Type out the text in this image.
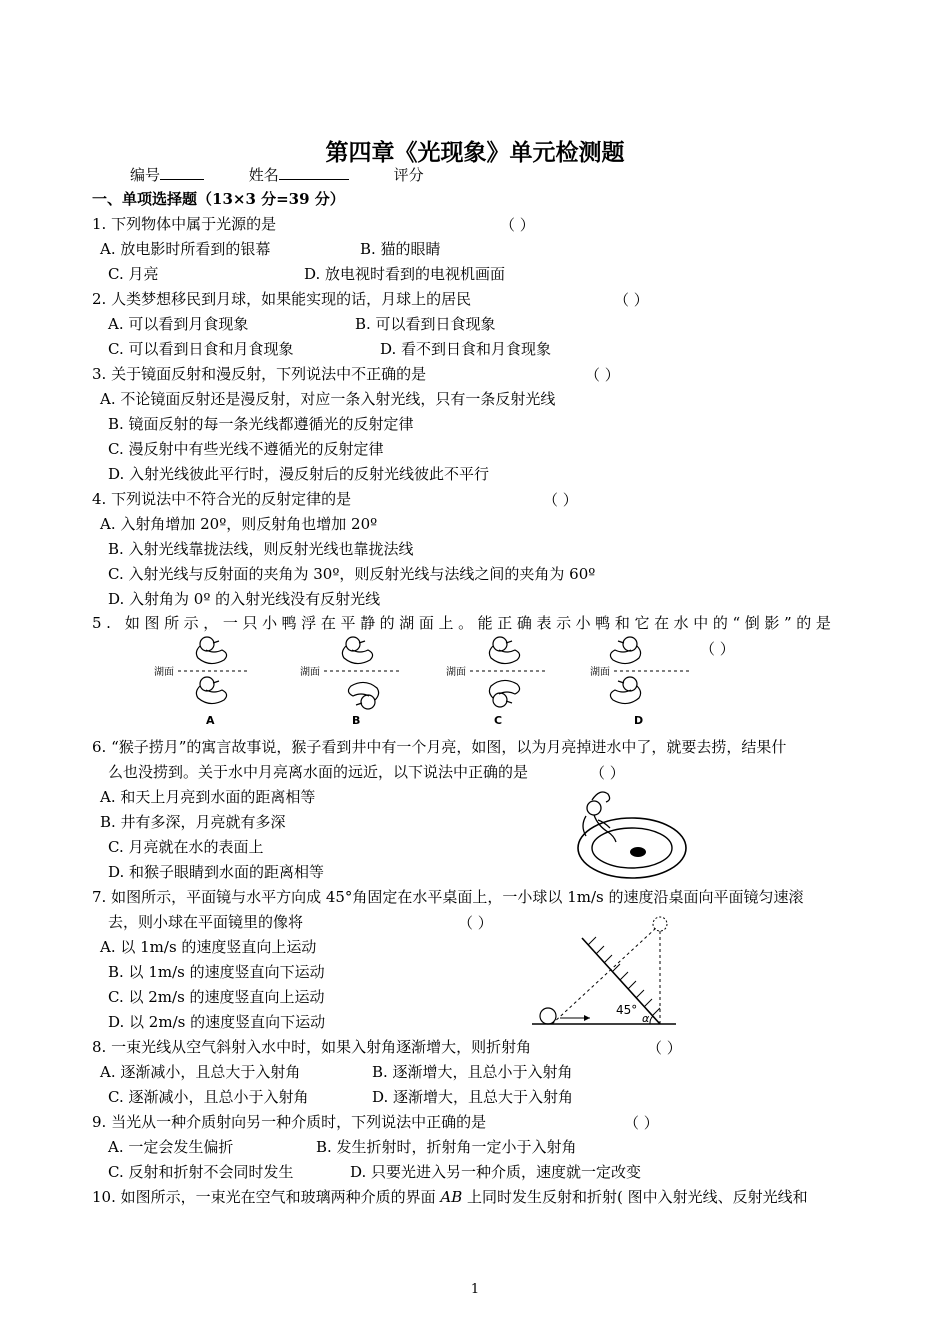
第四章《光现象》单元检测题
编号	姓名	评分
一、单项选择题（13×3 分=39 分）
1. 下列物体中属于光源的是	（ ）
A. 放电影时所看到的银幕	B. 猫的眼睛
C. 月亮	D. 放电视时看到的电视机画面
2. 人类梦想移民到月球，如果能实现的话，月球上的居民	（ ）
A. 可以看到月食现象	B. 可以看到日食现象
C. 可以看到日食和月食现象	D. 看不到日食和月食现象
3. 关于镜面反射和漫反射，下列说法中不正确的是	（ ）
A. 不论镜面反射还是漫反射，对应一条入射光线，只有一条反射光线
B. 镜面反射的每一条光线都遵循光的反射定律
C. 漫反射中有些光线不遵循光的反射定律
D. 入射光线彼此平行时，漫反射后的反射光线彼此不平行
4. 下列说法中不符合光的反射定律的是	（ ）
A. 入射角增加 20º，则反射角也增加 20º
B. 入射光线靠拢法线，则反射光线也靠拢法线
C. 入射光线与反射面的夹角为 30º，则反射光线与法线之间的夹角为 60º
D. 入射角为 0º 的入射光线没有反射光线
5. 如图所示，一只小鸭浮在平静的湖面上。能正确表示小鸭和它在水中的“倒影”的是
（ ）
湖面
A
湖面
B
湖面
C
湖面
D
6. “猴子捞月”的寓言故事说，猴子看到井中有一个月亮，如图，以为月亮掉进水中了，就要去捞，结果什
么也没捞到。关于水中月亮离水面的远近，以下说法中正确的是	（ ）
A. 和天上月亮到水面的距离相等
B. 井有多深，月亮就有多深
C. 月亮就在水的表面上
D. 和猴子眼睛到水面的距离相等
7. 如图所示，平面镜与水平方向成 45°角固定在水平桌面上，一小球以 1m/s 的速度沿桌面向平面镜匀速滚
去，则小球在平面镜里的像将	（ ）
A. 以 1m/s 的速度竖直向上运动
B. 以 1m/s 的速度竖直向下运动
C. 以 2m/s 的速度竖直向上运动
D. 以 2m/s 的速度竖直向下运动
45°
α
8. 一束光线从空气斜射入水中时，如果入射角逐渐增大，则折射角	（ ）
A. 逐渐减小，且总大于入射角	B. 逐渐增大，且总小于入射角
C. 逐渐减小，且总小于入射角	D. 逐渐增大，且总大于入射角
9. 当光从一种介质射向另一种介质时，下列说法中正确的是	（ ）
A. 一定会发生偏折	B. 发生折射时，折射角一定小于入射角
C. 反射和折射不会同时发生	D. 只要光进入另一种介质，速度就一定改变
10. 如图所示，一束光在空气和玻璃两种介质的界面 AB 上同时发生反射和折射( 图中入射光线、反射光线和
1
